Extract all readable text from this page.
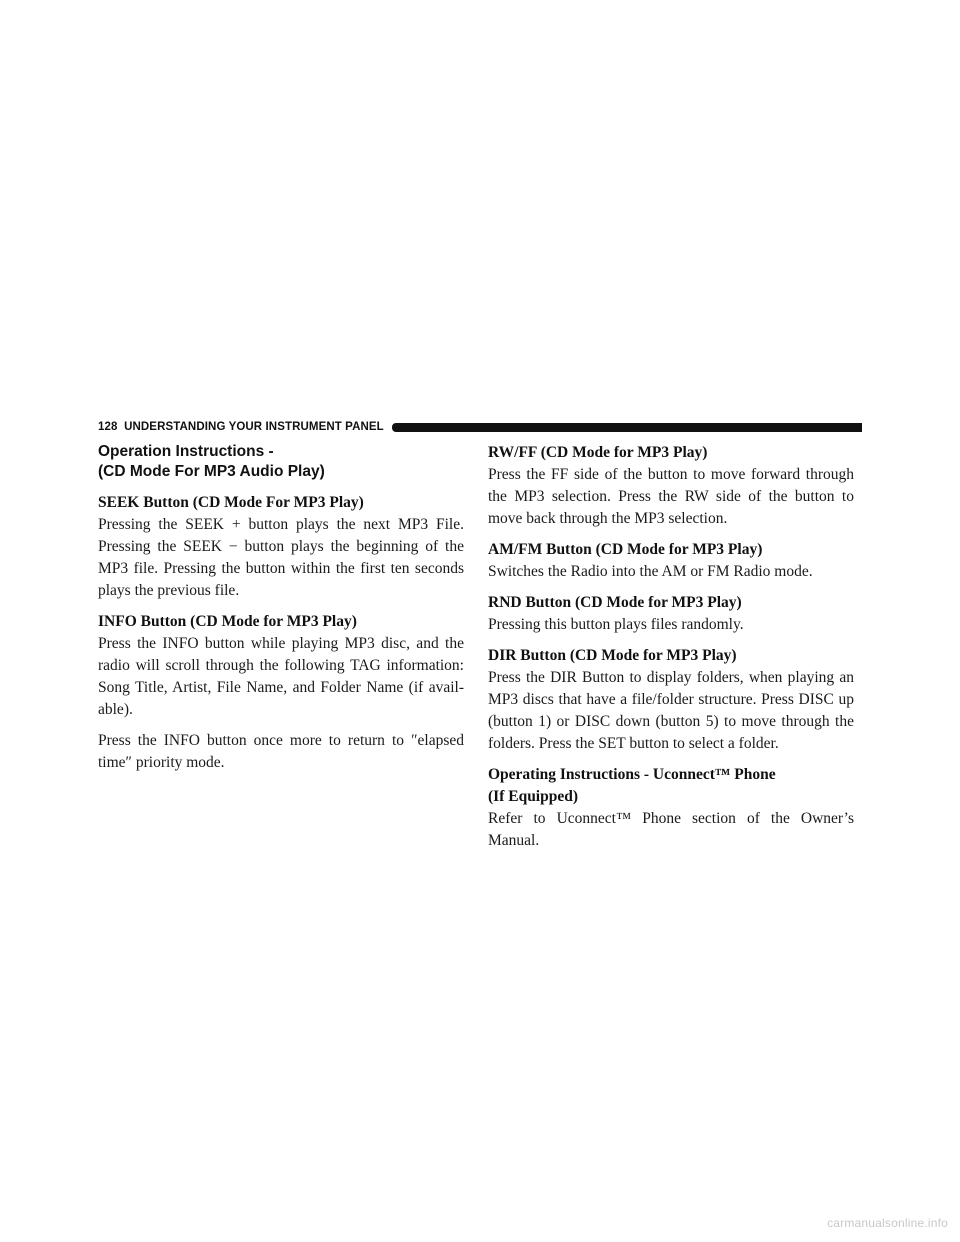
128 UNDERSTANDING YOUR INSTRUMENT PANEL
Operation Instructions -
(CD Mode For MP3 Audio Play)
SEEK Button (CD Mode For MP3 Play)

Pressing the SEEK + button plays the next MP3 File. Pressing the SEEK − button plays the beginning of the MP3 file. Pressing the button within the first ten seconds plays the previous file.

INFO Button (CD Mode for MP3 Play)

Press the INFO button while playing MP3 disc, and the radio will scroll through the following TAG information: Song Title, Artist, File Name, and Folder Name (if avail-able).

Press the INFO button once more to return to ″elapsed time″ priority mode.

RW/FF (CD Mode for MP3 Play)

Press the FF side of the button to move forward through the MP3 selection. Press the RW side of the button to move back through the MP3 selection.

AM/FM Button (CD Mode for MP3 Play)

Switches the Radio into the AM or FM Radio mode.

RND Button (CD Mode for MP3 Play)

Pressing this button plays files randomly.

DIR Button (CD Mode for MP3 Play)

Press the DIR Button to display folders, when playing an MP3 discs that have a file/folder structure. Press DISC up (button 1) or DISC down (button 5) to move through the folders. Press the SET button to select a folder.

Operating Instructions - Uconnect™ Phone
(If Equipped)

Refer to Uconnect™ Phone section of the Owner’s Manual.

carmanualsonline.info
